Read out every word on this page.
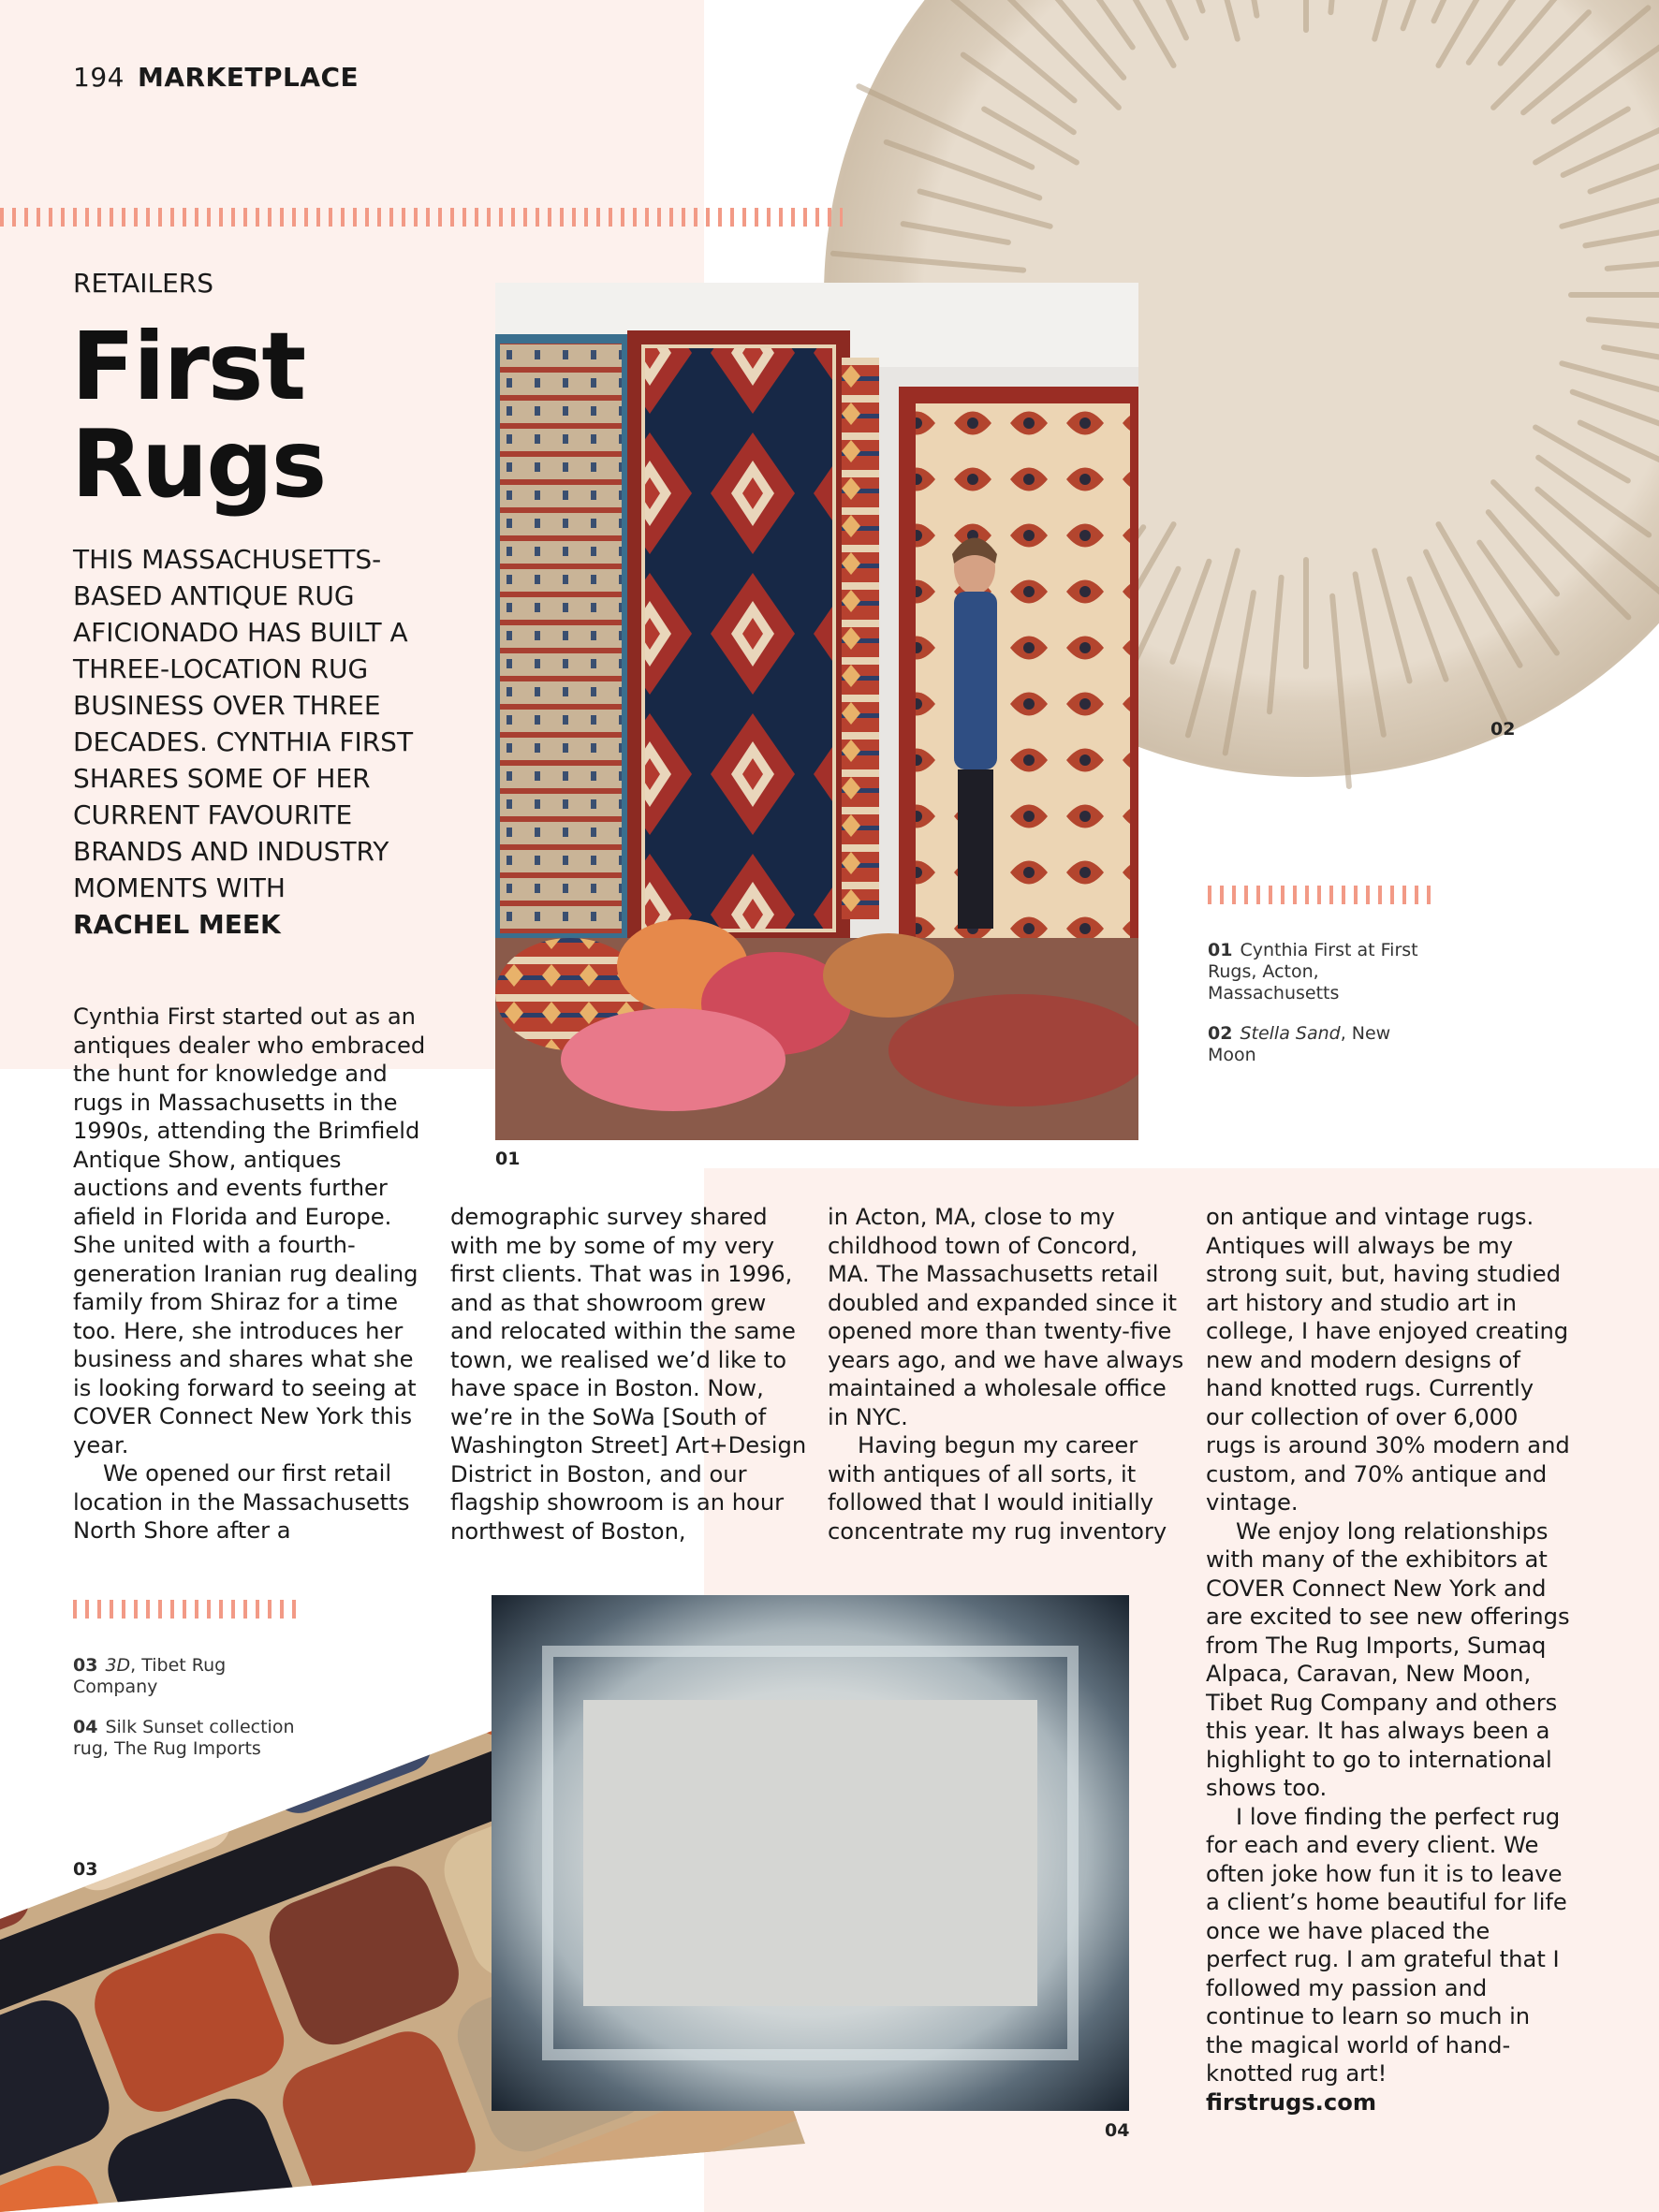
194 MARKETPLACE
RETAILERS
First
Rugs
THIS MASSACHUSETTS-BASED ANTIQUE RUG AFICIONADO HAS BUILT A THREE-LOCATION RUG BUSINESS OVER THREE DECADES. CYNTHIA FIRST SHARES SOME OF HER CURRENT FAVOURITE BRANDS AND INDUSTRY MOMENTS WITH
RACHEL MEEK
01
02

01 Cynthia First at First Rugs, Acton, Massachusetts

02 Stella Sand, New Moon

Cynthia First started out as an antiques dealer who embraced the hunt for knowledge and rugs in Massachusetts in the 1990s, attending the Brimfield Antique Show, antiques auctions and events further afield in Florida and Europe. She united with a fourth-generation Iranian rug dealing family from Shiraz for a time too. Here, she introduces her business and shares what she is looking forward to seeing at COVER Connect New York this year.

We opened our first retail location in the Massachusetts North Shore after a

demographic survey shared with me by some of my very first clients. That was in 1996, and as that showroom grew and relocated within the same town, we realised we’d like to have space in Boston. Now, we’re in the SoWa [South of Washington Street] Art+Design District in Boston, and our flagship showroom is an hour northwest of Boston,

in Acton, MA, close to my childhood town of Concord, MA. The Massachusetts retail doubled and expanded since it opened more than twenty-five years ago, and we have always maintained a wholesale office in NYC.

Having begun my career with antiques of all sorts, it followed that I would initially concentrate my rug inventory

on antique and vintage rugs. Antiques will always be my strong suit, but, having studied art history and studio art in college, I have enjoyed creating new and modern designs of hand knotted rugs. Currently our collection of over 6,000 rugs is around 30% modern and custom, and 70% antique and vintage.

We enjoy long relationships with many of the exhibitors at COVER Connect New York and are excited to see new offerings from The Rug Imports, Sumaq Alpaca, Caravan, New Moon, Tibet Rug Company and others this year. It has always been a highlight to go to international shows too.

I love finding the perfect rug for each and every client. We often joke how fun it is to leave a client’s home beautiful for life once we have placed the perfect rug. I am grateful that I followed my passion and continue to learn so much in the magical world of hand-knotted rug art!

firstrugs.com

03 3D, Tibet Rug Company

04 Silk Sunset collection rug, The Rug Imports

03
04
